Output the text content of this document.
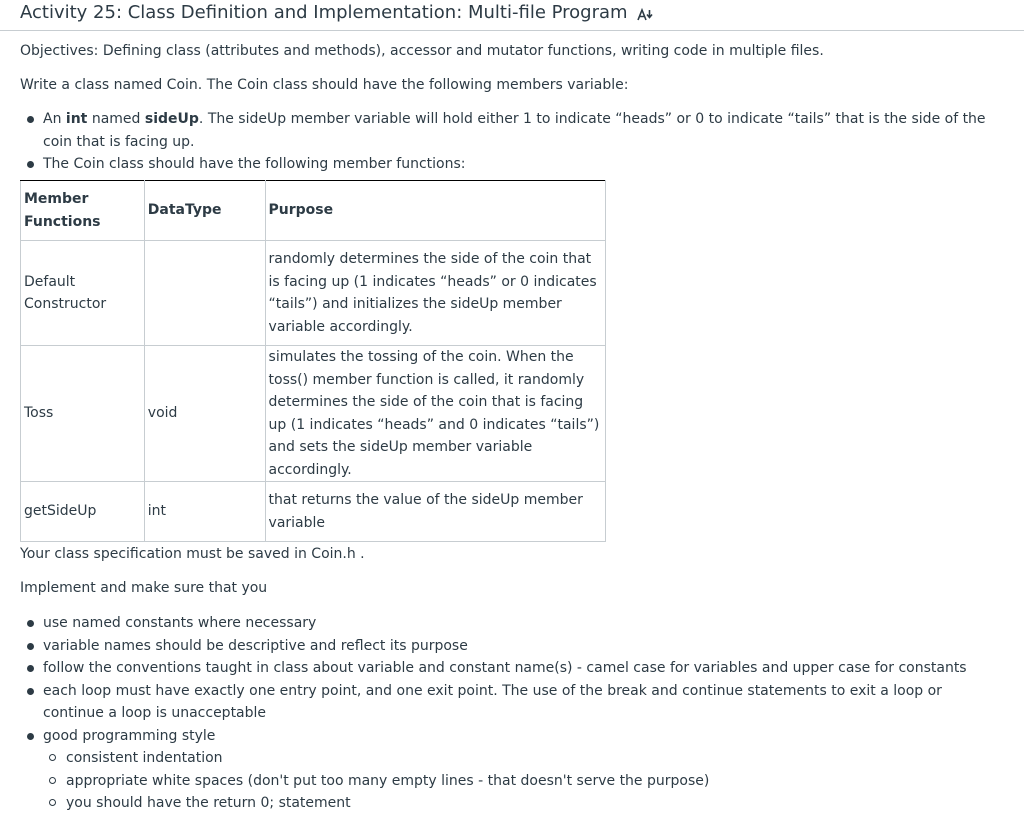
Activity 25: Class Definition and Implementation: Multi-file Program

Objectives: Defining class (attributes and methods), accessor and mutator functions, writing code in multiple files.

Write a class named Coin. The Coin class should have the following members variable:

An int named sideUp. The sideUp member variable will hold either 1 to indicate “heads” or 0 to indicate “tails” that is the side of the coin that is facing up.
The Coin class should have the following member functions:
Member Functions	DataType	Purpose
Default Constructor		randomly determines the side of the coin that is facing up (1 indicates “heads” or 0 indicates “tails”) and initializes the sideUp member variable accordingly.
Toss	void	simulates the tossing of the coin. When the toss() member function is called, it randomly determines the side of the coin that is facing up (1 indicates “heads” and 0 indicates “tails”) and sets the sideUp member variable accordingly.
getSideUp	int	that returns the value of the sideUp member variable

Your class specification must be saved in Coin.h .

Implement and make sure that you

use named constants where necessary
variable names should be descriptive and reflect its purpose
follow the conventions taught in class about variable and constant name(s) - camel case for variables and upper case for constants
each loop must have exactly one entry point, and one exit point. The use of the break and continue statements to exit a loop or continue a loop is unacceptable
good programming style
consistent indentation
appropriate white spaces (don't put too many empty lines - that doesn't serve the purpose)
you should have the return 0; statement
